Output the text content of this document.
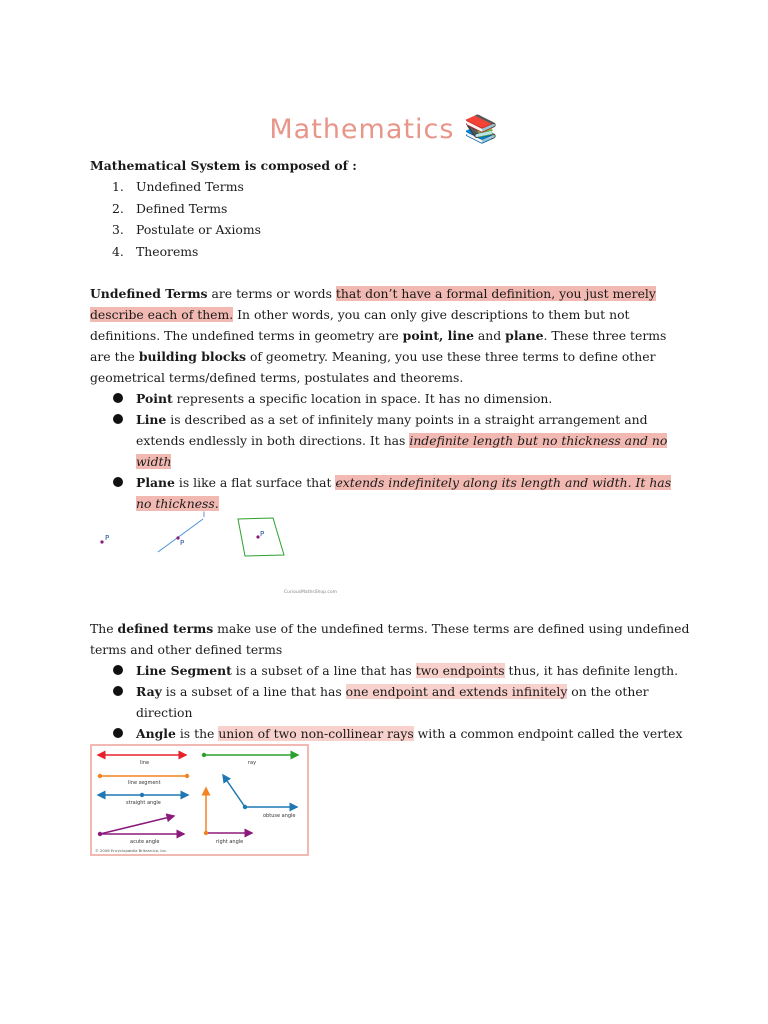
Mathematics 📚
Mathematical System is composed of :
1. Undefined Terms
2. Defined Terms
3. Postulate or Axioms
4. Theorems
Undefined Terms are terms or words that don’t have a formal definition, you just merely describe each of them. In other words, you can only give descriptions to them but not definitions. The undefined terms in geometry are point, line and plane. These three terms are the building blocks of geometry. Meaning, you use these three terms to define other geometrical terms/defined terms, postulates and theorems.
Point represents a specific location in space. It has no dimension.
Line is described as a set of infinitely many points in a straight arrangement and extends endlessly in both directions. It has indefinite length but no thickness and no width
Plane is like a flat surface that extends indefinitely along its length and width. It has no thickness.
P
P
l
P
CuriousMathsShop.com
The defined terms make use of the undefined terms. These terms are defined using undefined terms and other defined terms
Line Segment is a subset of a line that has two endpoints thus, it has definite length.
Ray is a subset of a line that has one endpoint and extends infinitely on the other direction
Angle is the union of two non-collinear rays with a common endpoint called the vertex
line
line segment
straight angle
acute angle
ray
obtuse angle
right angle
© 2006 Encyclopædia Britannica, Inc.
